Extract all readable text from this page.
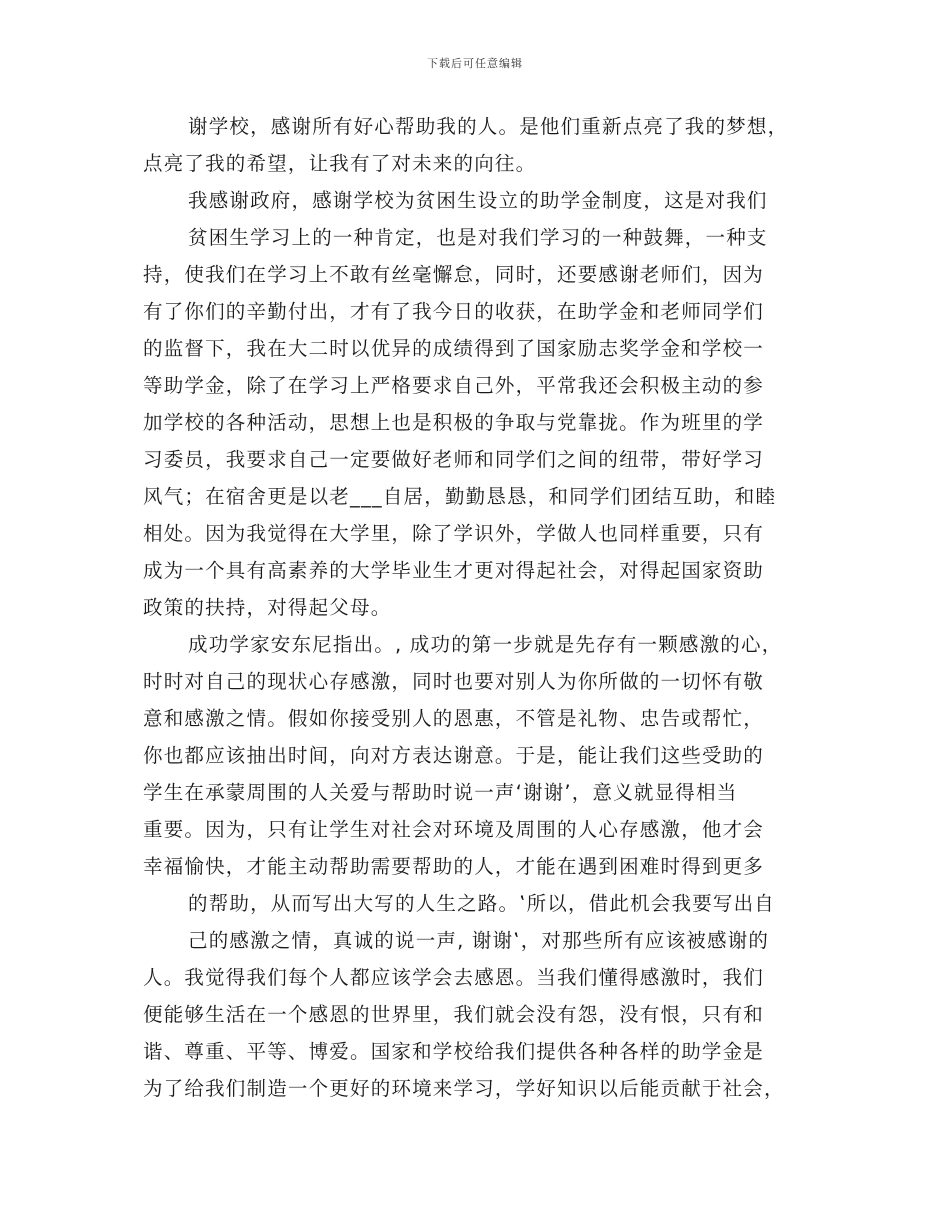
下载后可任意编辑
谢学校，感谢所有好心帮助我的人。是他们重新点亮了我的梦想，
点亮了我的希望，让我有了对未来的向往。
我感谢政府，感谢学校为贫困生设立的助学金制度，这是对我们
贫困生学习上的一种肯定，也是对我们学习的一种鼓舞，一种支
持，使我们在学习上不敢有丝毫懈怠，同时，还要感谢老师们，因为
有了你们的辛勤付出，才有了我今日的收获，在助学金和老师同学们
的监督下，我在大二时以优异的成绩得到了国家励志奖学金和学校一
等助学金，除了在学习上严格要求自己外，平常我还会积极主动的参
加学校的各种活动，思想上也是积极的争取与党靠拢。作为班里的学
习委员，我要求自己一定要做好老师和同学们之间的纽带，带好学习
风气；在宿舍更是以老___自居，勤勤恳恳，和同学们团结互助，和睦
相处。因为我觉得在大学里，除了学识外，学做人也同样重要，只有
成为一个具有高素养的大学毕业生才更对得起社会，对得起国家资助
政策的扶持，对得起父母。
成功学家安东尼指出。, 成功的第一步就是先存有一颗感激的心，
时时对自己的现状心存感激，同时也要对别人为你所做的一切怀有敬
意和感激之情。假如你接受别人的恩惠，不管是礼物、忠告或帮忙，
你也都应该抽出时间，向对方表达谢意。于是，能让我们这些受助的
学生在承蒙周围的人关爱与帮助时说一声‘谢谢’，意义就显得相当
重要。因为，只有让学生对社会对环境及周围的人心存感激，他才会
幸福愉快，才能主动帮助需要帮助的人，才能在遇到困难时得到更多
的帮助，从而写出大写的人生之路。‛所以，借此机会我要写出自
己的感激之情，真诚的说一声, 谢谢‛，对那些所有应该被感谢的
人。我觉得我们每个人都应该学会去感恩。当我们懂得感激时，我们
便能够生活在一个感恩的世界里，我们就会没有怨，没有恨，只有和
谐、尊重、平等、博爱。国家和学校给我们提供各种各样的助学金是
为了给我们制造一个更好的环境来学习，学好知识以后能贡献于社会，
